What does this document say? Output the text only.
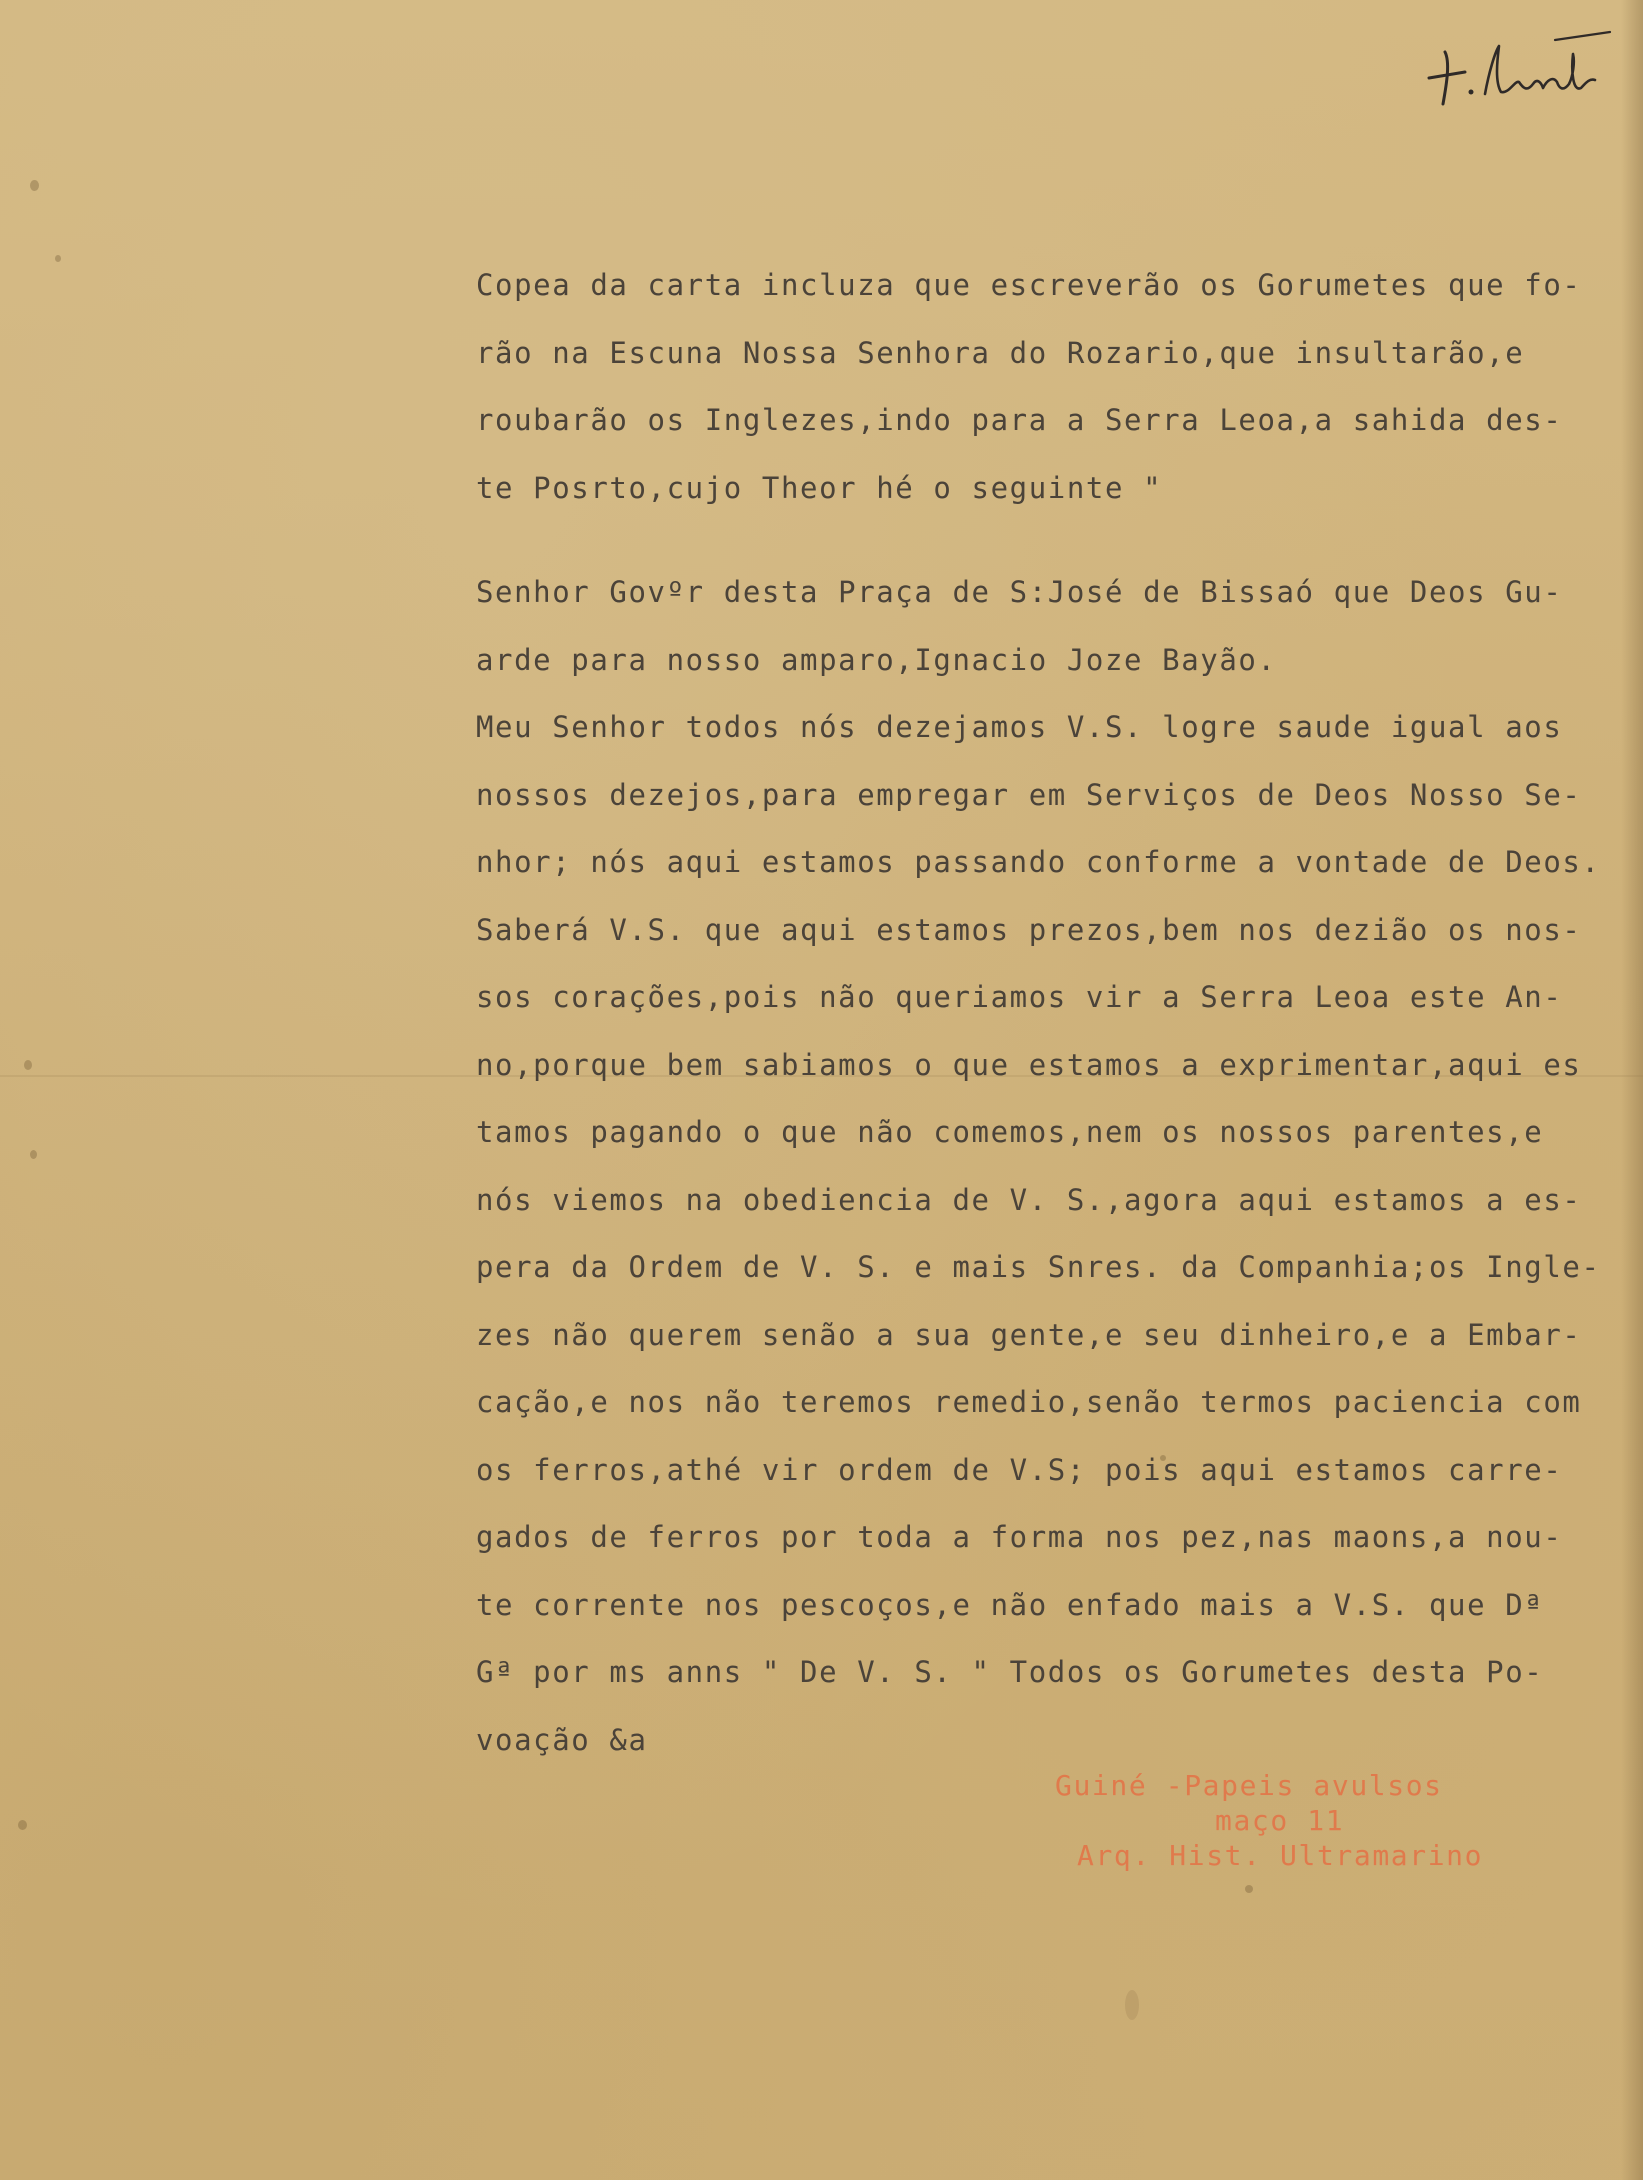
Copea da carta incluza que escreverão os Gorumetes que fo-
rão na Escuna Nossa Senhora do Rozario,que insultarão,e
roubarão os Inglezes,indo para a Serra Leoa,a sahida des-
te Posrto,cujo Theor hé o seguinte "
Senhor Govºr desta Praça de S:José de Bissaó que Deos Gu-
arde para nosso amparo,Ignacio Joze Bayão.
Meu Senhor todos nós dezejamos V.S. logre saude igual aos
nossos dezejos,para empregar em Serviços de Deos Nosso Se-
nhor; nós aqui estamos passando conforme a vontade de Deos.
Saberá V.S. que aqui estamos prezos,bem nos dezião os nos-
sos corações,pois não queriamos vir a Serra Leoa este An-
no,porque bem sabiamos o que estamos a exprimentar,aqui es
tamos pagando o que não comemos,nem os nossos parentes,e
nós viemos na obediencia de V. S.,agora aqui estamos a es-
pera da Ordem de V. S. e mais Snres. da Companhia;os Ingle-
zes não querem senão a sua gente,e seu dinheiro,e a Embar-
cação,e nos não teremos remedio,senão termos paciencia com
os ferros,athé vir ordem de V.S; pois aqui estamos carre-
gados de ferros por toda a forma nos pez,nas maons,a nou-
te corrente nos pescoços,e não enfado mais a V.S. que Dª
Gª por ms anns " De V. S. " Todos os Gorumetes desta Po-
voação &a
Guiné -Papeis avulsos
maço 11
Arq. Hist. Ultramarino
